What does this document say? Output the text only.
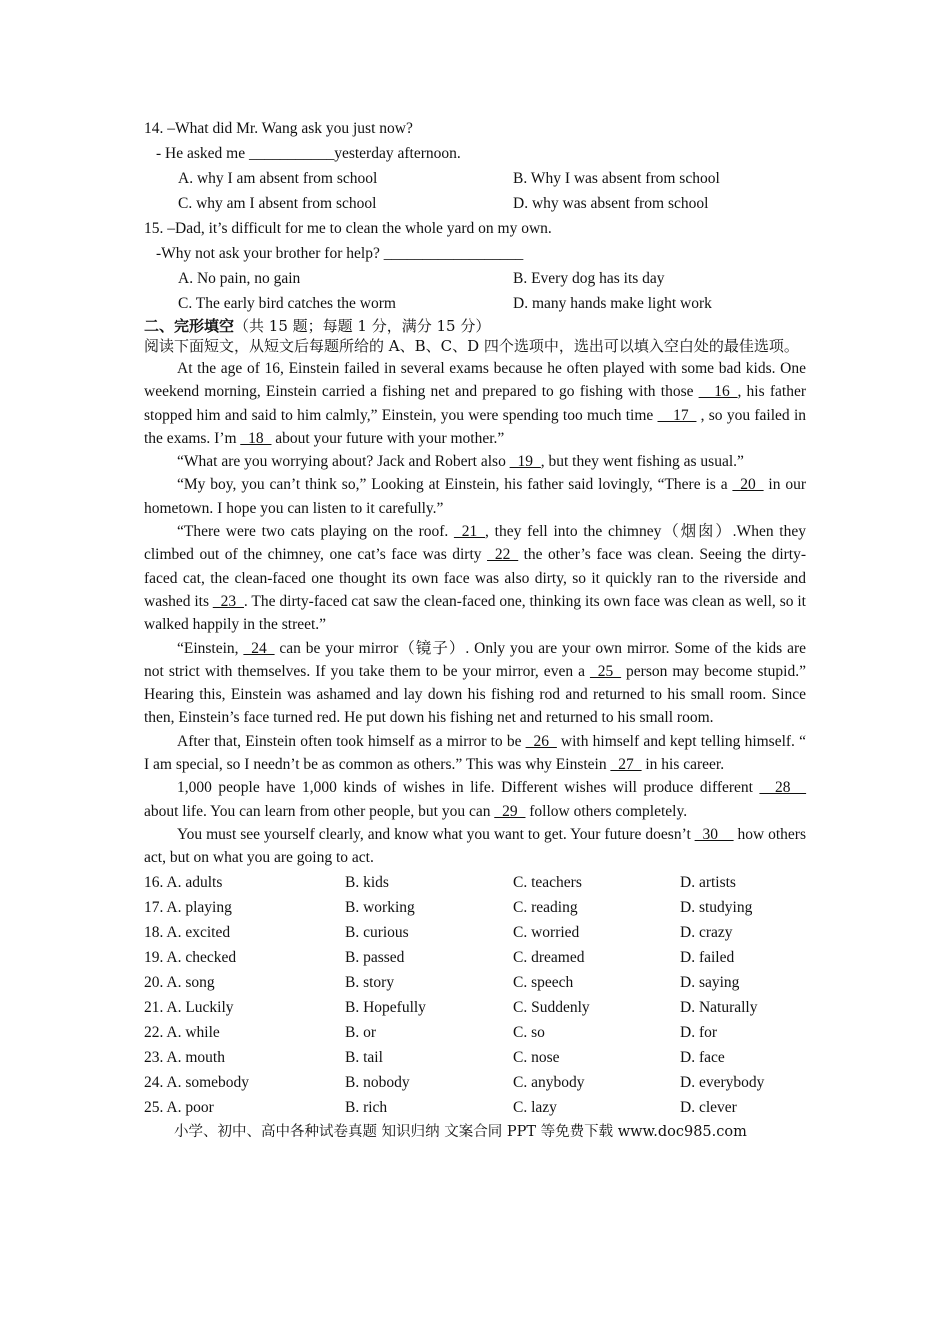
14. –What did Mr. Wang ask you just now?
- He asked me ___________yesterday afternoon.
A. why I am absent from school	B. Why I was absent from school
C. why am I absent from school	D. why was absent from school
15. –Dad, it’s difficult for me to clean the whole yard on my own.
-Why not ask your brother for help? __________________
A. No pain, no gain	B. Every dog has its day
C. The early bird catches the worm	D. many hands make light work
二、完形填空（共 15 题；每题 1 分，满分 15 分）
阅读下面短文，从短文后每题所给的 A、B、C、D 四个选项中，选出可以填入空白处的最佳选项。
At the age of 16, Einstein failed in several exams because he often played with some bad kids. One weekend morning, Einstein carried a fishing net and prepared to go fishing with those __16_, his father stopped him and said to him calmly,” Einstein, you were spending too much time __17_ , so you failed in the exams. I’m _18_ about your future with your mother.”
“What are you worrying about? Jack and Robert also _19_, but they went fishing as usual.”
“My boy, you can’t think so,” Looking at Einstein, his father said lovingly, “There is a _20_ in our hometown. I hope you can listen to it carefully.”
“There were two cats playing on the roof. _21_, they fell into the chimney（烟囱）.When they climbed out of the chimney, one cat’s face was dirty _22_ the other’s face was clean. Seeing the dirty-faced cat, the clean-faced one thought its own face was also dirty, so it quickly ran to the riverside and washed its _23_. The dirty-faced cat saw the clean-faced one, thinking its own face was clean as well, so it walked happily in the street.”
“Einstein, _24_ can be your mirror（镜子）. Only you are your own mirror. Some of the kids are not strict with themselves. If you take them to be your mirror, even a _25_ person may become stupid.” Hearing this, Einstein was ashamed and lay down his fishing rod and returned to his small room. Since then, Einstein’s face turned red. He put down his fishing net and returned to his small room.
After that, Einstein often took himself as a mirror to be _26_ with himself and kept telling himself. “ I am special, so I needn’t be as common as others.” This was why Einstein _27_ in his career.
1,000 people have 1,000 kinds of wishes in life. Different wishes will produce different __28__ about life. You can learn from other people, but you can _29_ follow others completely.
You must see yourself clearly, and know what you want to get. Your future doesn’t _30__ how others act, but on what you are going to act.
16. A. adults	B. kids	C. teachers	D. artists
17. A. playing	B. working	C. reading	D. studying
18. A. excited	B. curious	C. worried	D. crazy
19. A. checked	B. passed	C. dreamed	D. failed
20. A. song	B. story	C. speech	D. saying
21. A. Luckily	B. Hopefully	C. Suddenly	D. Naturally
22. A. while	B. or	C. so	D. for
23. A. mouth	B. tail	C. nose	D. face
24. A. somebody	B. nobody	C. anybody	D. everybody
25. A. poor	B. rich	C. lazy	D. clever
小学、初中、高中各种试卷真题 知识归纳 文案合同 PPT 等免费下载 www.doc985.com
